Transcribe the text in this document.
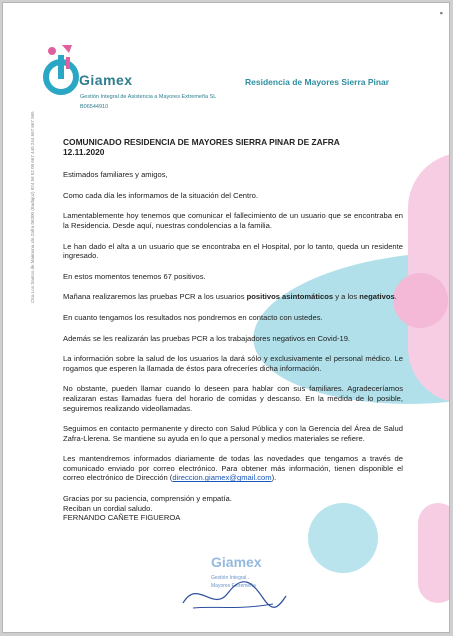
▪
Giamex
Gestión Integral de Asistencia a Mayores Extremeña SL
B06544910
Residencia de Mayores Sierra Pinar
Ctra Los Santos de Maimona s/n Zafra 06300 (Badajoz) 924 56 52 00 667 440 244 667 667 965	COMUNICADO RESIDENCIA DE MAYORES SIERRA PINAR DE ZAFRA

12.11.2020

Estimados familiares y amigos,

Como cada día les informamos de la situación del Centro.

Lamentablemente hoy tenemos que comunicar el fallecimiento de un usuario que se encontraba en la Residencia. Desde aquí, nuestras condolencias a la familia.

Le han dado el alta a un usuario que se encontraba en el Hospital, por lo tanto, queda un residente ingresado.

En estos momentos tenemos 67 positivos.

Mañana realizaremos las pruebas PCR a los usuarios positivos asintomáticos y a los negativos.

En cuanto tengamos los resultados nos pondremos en contacto con ustedes.

Además se les realizarán las pruebas PCR a los trabajadores negativos en Covid-19.

La información sobre la salud de los usuarios la dará sólo y exclusivamente el personal médico. Le rogamos que esperen la llamada de éstos para ofreceríes dicha información.

No obstante, pueden llamar cuando lo deseen para hablar con sus familiares. Agradeceríamos realizaran estas llamadas fuera del horario de comidas y descanso. En la medida de lo posible, seguiremos realizando videollamadas.

Seguimos en contacto permanente y directo con Salud Pública y con la Gerencia del Área de Salud Zafra-Llerena. Se mantiene su ayuda en lo que a personal y medios materiales se refiere.

Les mantendremos informados diariamente de todas las novedades que tengamos a través de comunicado enviado por correo electrónico. Para obtener más información, tienen disponible el correo electrónico de Dirección (direccion.giamex@gmail.com).

Gracias por su paciencia, comprensión y empatía.

Reciban un cordial saludo.

FERNANDO CAÑETE FIGUEROA

Giamex
Gestión Integral...
Mayores Extremeña
